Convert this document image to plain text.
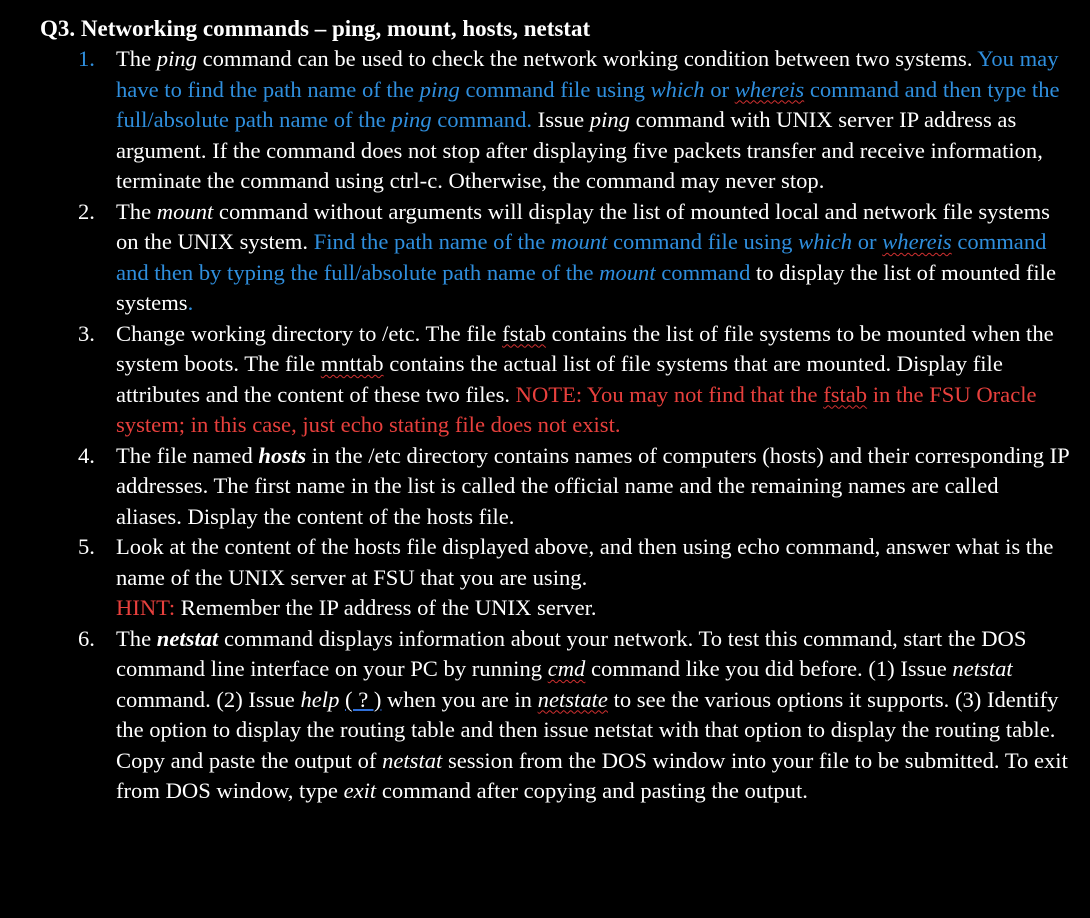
Q3. Networking commands – ping, mount, hosts, netstat
1. The ping command can be used to check the network working condition between two systems. You may have to find the path name of the ping command file using which or whereis command and then type the full/absolute path name of the ping command. Issue ping command with UNIX server IP address as argument. If the command does not stop after displaying five packets transfer and receive information, terminate the command using ctrl-c. Otherwise, the command may never stop.
2. The mount command without arguments will display the list of mounted local and network file systems on the UNIX system. Find the path name of the mount command file using which or whereis command and then by typing the full/absolute path name of the mount command to display the list of mounted file systems.
3. Change working directory to /etc. The file fstab contains the list of file systems to be mounted when the system boots. The file mnttab contains the actual list of file systems that are mounted. Display file attributes and the content of these two files. NOTE: You may not find that the fstab in the FSU Oracle system; in this case, just echo stating file does not exist.
4. The file named hosts in the /etc directory contains names of computers (hosts) and their corresponding IP addresses. The first name in the list is called the official name and the remaining names are called aliases. Display the content of the hosts file.
5. Look at the content of the hosts file displayed above, and then using echo command, answer what is the name of the UNIX server at FSU that you are using.
HINT: Remember the IP address of the UNIX server.
6. The netstat command displays information about your network. To test this command, start the DOS command line interface on your PC by running cmd command like you did before. (1) Issue netstat command. (2) Issue help ( ? ) when you are in netstate to see the various options it supports. (3) Identify the option to display the routing table and then issue netstat with that option to display the routing table. Copy and paste the output of netstat session from the DOS window into your file to be submitted. To exit from DOS window, type exit command after copying and pasting the output.
